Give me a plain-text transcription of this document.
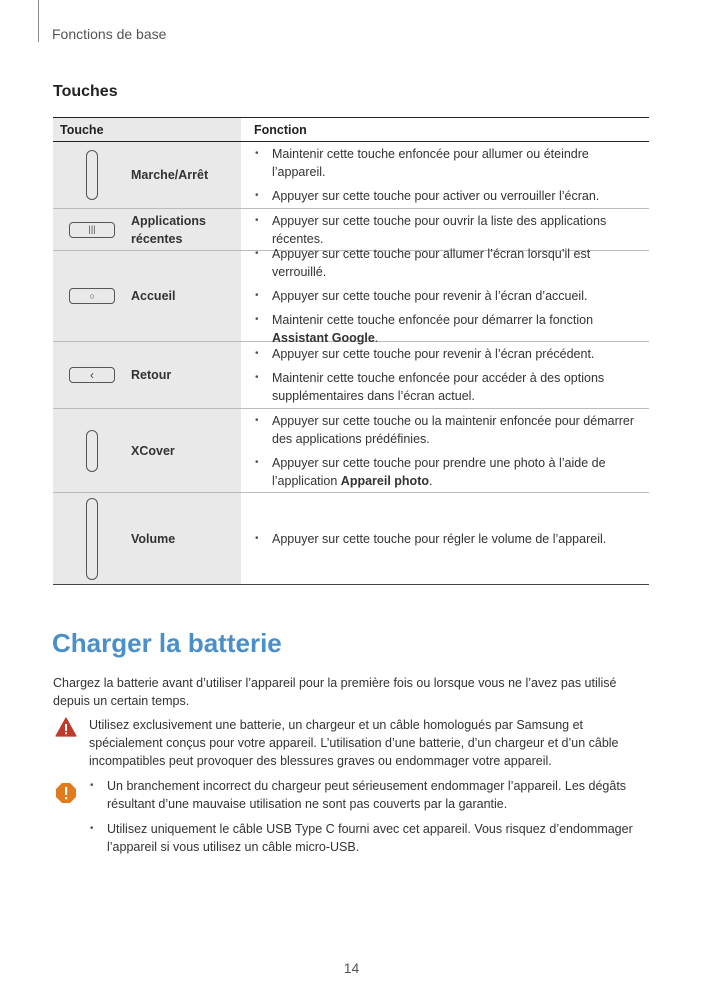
Fonctions de base
Touches
Touche	Fonction
Marche/Arrêt
• Maintenir cette touche enfoncée pour allumer ou éteindre l’appareil.
• Appuyer sur cette touche pour activer ou verrouiller l’écran.
|||
Applications récentes
• Appuyer sur cette touche pour ouvrir la liste des applications récentes.
○	Accueil
• Appuyer sur cette touche pour allumer l’écran lorsqu’il est verrouillé.
• Appuyer sur cette touche pour revenir à l’écran d’accueil.
• Maintenir cette touche enfoncée pour démarrer la fonction Assistant Google.
‹	Retour
• Appuyer sur cette touche pour revenir à l’écran précédent.
• Maintenir cette touche enfoncée pour accéder à des options supplémentaires dans l’écran actuel.
XCover
• Appuyer sur cette touche ou la maintenir enfoncée pour démarrer des applications prédéfinies.
• Appuyer sur cette touche pour prendre une photo à l’aide de l’application Appareil photo.
Volume
•	Appuyer sur cette touche pour régler le volume de l’appareil.
Charger la batterie
Chargez la batterie avant d’utiliser l’appareil pour la première fois ou lorsque vous ne l’avez pas utilisé depuis un certain temps.
Utilisez exclusivement une batterie, un chargeur et un câble homologués par Samsung et spécialement conçus pour votre appareil. L’utilisation d’une batterie, d’un chargeur et d’un câble incompatibles peut provoquer des blessures graves ou endommager votre appareil.
• Un branchement incorrect du chargeur peut sérieusement endommager l’appareil. Les dégâts résultant d’une mauvaise utilisation ne sont pas couverts par la garantie.
• Utilisez uniquement le câble USB Type C fourni avec cet appareil. Vous risquez d’endommager l’appareil si vous utilisez un câble micro-USB.
14
